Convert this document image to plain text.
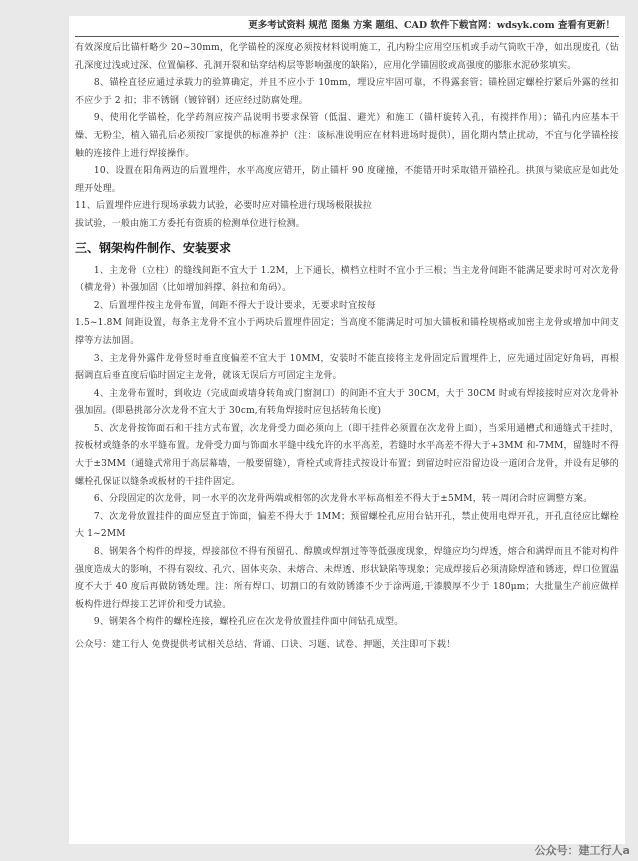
更多考试资料 规范 图集 方案 题组、CAD 软件下载官网：wdsyk.com 查看有更新！

有效深度后比锚杆略少 20~30mm，化学锚栓的深度必须按材料说明施工，孔内粉尘应用空压机或手动气筒吹干净，如出现废孔（钻孔深度过浅或过深、位置偏移、孔洞开裂和钻穿结构层等影响强度的缺陷），应用化学锚固胶或高强度的膨胀水泥砂浆填实。

8、锚栓直径应通过承载力的验算确定，并且不应小于 10mm，埋设应牢固可靠，不得露套管；锚栓固定螺栓拧紧后外露的丝扣不应少于 2 扣；非不锈钢（镀锌钢）还应经过防腐处理。

9、使用化学锚栓，化学药剂应按产品说明书要求保管（低温、避光）和施工（锚杆旋转入孔，有搅拌作用）；锚孔内应基本干燥、无粉尘，植入锚孔后必须按厂家提供的标准养护（注：该标准说明应在材料进场时提供），固化期内禁止扰动，不宜与化学锚栓接触的连接件上进行焊接操作。

10、设置在阳角两边的后置埋件，水平高度应错开，防止锚杆 90 度碰撞，不能错开时采取错开锚栓孔。拱顶与梁底应是如此处理开处理。

11、后置埋件应进行现场承载力试验，必要时应对锚栓进行现场极限拔拉

拔试验，一般由施工方委托有资质的检测单位进行检测。

三、钢架构件制作、安装要求

1、主龙骨（立柱）的缝线间距不宜大于 1.2M，上下通长，横档立柱时不宜小于三根；当主龙骨间距不能满足要求时可对次龙骨（横龙骨）补强加固（比如增加斜撑、斜拉和角码）。

2、后置埋件按主龙骨布置，间距不得大于设计要求，无要求时宜按每

1.5~1.8M 间距设置，每条主龙骨不宜小于两块后置埋件固定；当高度不能满足时可加大锚板和锚栓规格或加密主龙骨或增加中间支撑等方法加固。

3、主龙骨外露件龙骨竖时垂直度偏差不宜大于 10MM，安装时不能直接将主龙骨固定后置埋件上，应先通过固定好角码，再根据调直后垂直度后临时固定主龙骨，就该无误后方可固定主龙骨。

4、主龙骨布置时，到收边（完成面或墙身转角或门窗洞口）的间距不宜大于 30CM，大于 30CM 时或有焊接接时应对次龙骨补强加固。(即悬挑部分次龙骨不宜大于 30cm,有转角焊接时应包括转角长度)

5、次龙骨按饰面石和干挂方式布置，次龙骨受力面必须向上（即干挂件必须置在次龙骨上面），当采用通槽式和通缝式干挂时，按板材或缝条的水平缝布置。龙骨受力面与饰面水平缝中线允许的水平高差，若缝时水平高差不得大于+3MM 和-7MM，留缝时不得大于±3MM（通缝式常用于高层幕墙，一般要留缝），背栓式或背挂式按设计布置；到留边时应沿留边设一道闭合龙骨，并设有足够的螺栓孔保证以缝条或板材的干挂件固定。

6、分段固定的次龙骨，同一水平的次龙骨两端或相邻的次龙骨水平标高相差不得大于±5MM，转一周闭合时应调整方案。

7、次龙骨放置挂件的面应竖直于饰面，偏差不得大于 1MM；预留螺栓孔应用台钻开孔，禁止使用电焊开孔，开孔直径应比螺栓大 1~2MM

8、钢架各个构件的焊接，焊接部位不得有预留孔、醇膜或焊割过等等低强度现象，焊缝应均匀焊透，熔合和满焊而且不能对构件强度造成大的影响，不得有裂纹、孔穴、固体夹杂、未熔合、未焊透、形状缺陷等现象；完成焊接后必须清除焊渣和锈迹，焊口位置温度不大于 40 度后再做防锈处理。注：所有焊口、切割口的有效防锈漆不少于涂两道,干漆膜厚不少于 180μm；大批量生产前应做样板构件进行焊接工艺评价和受力试验。

9、钢架各个构件的螺栓连接，螺栓孔应在次龙骨放置挂件面中间钻孔成型。

公众号：建工行人 免费提供考试相关总结、背诵、口诀、习题、试卷、押题，关注即可下载！
公众号：建工行人a
